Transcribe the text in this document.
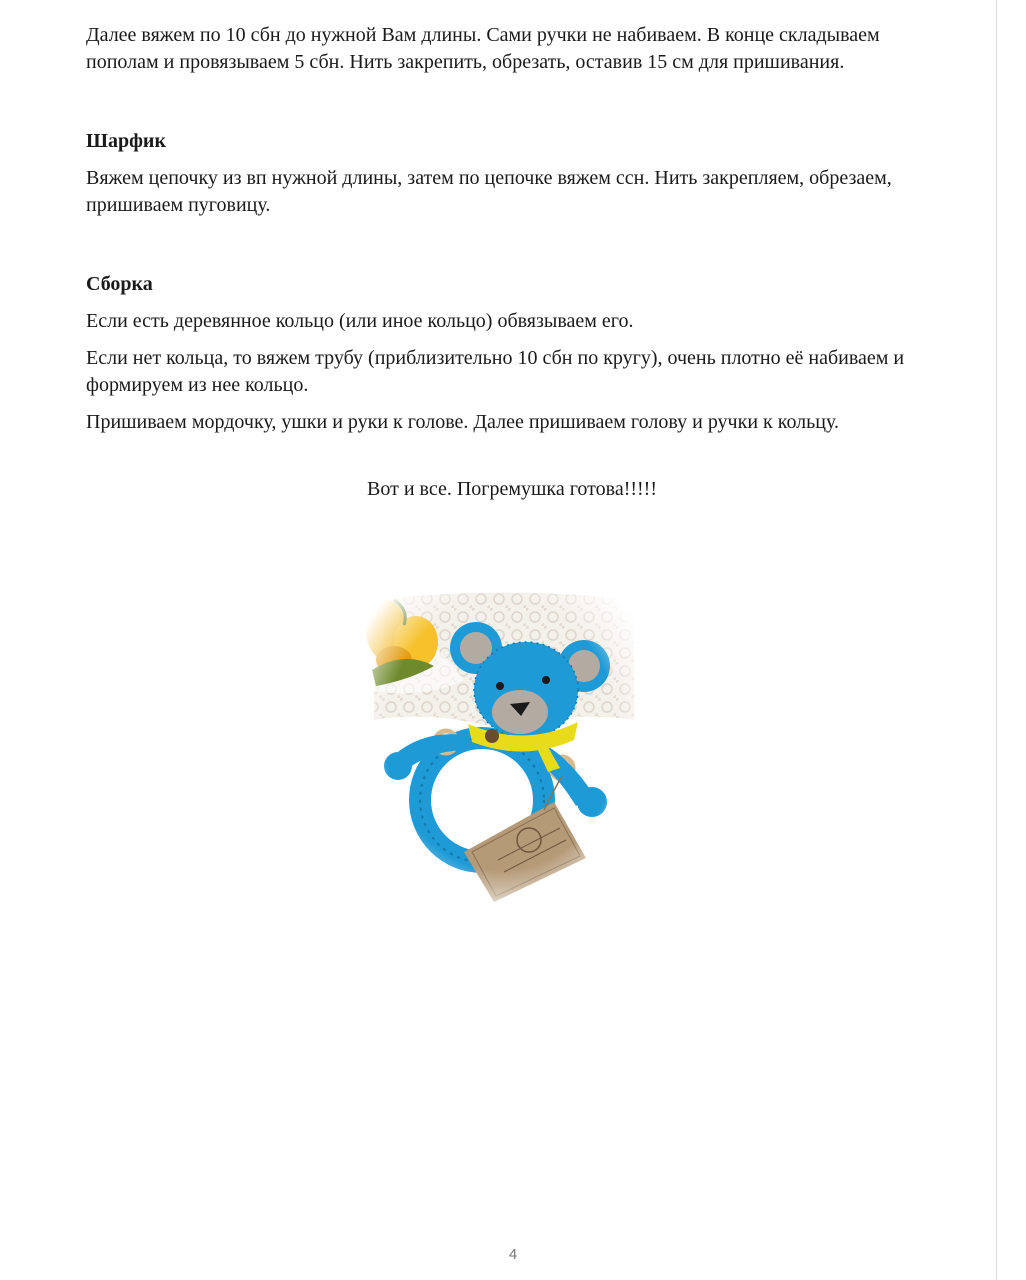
Далее вяжем по 10 сбн до нужной Вам длины. Сами ручки не набиваем. В конце складываем пополам и провязываем 5 сбн. Нить закрепить, обрезать, оставив 15 см для пришивания.

Шарфик

Вяжем цепочку из вп нужной длины, затем по цепочке вяжем ссн. Нить закрепляем, обрезаем, пришиваем пуговицу.

Сборка

Если есть деревянное кольцо (или иное кольцо) обвязываем его.

Если нет кольца, то вяжем трубу (приблизительно 10 сбн по кругу), очень плотно её набиваем и формируем из нее кольцо.

Пришиваем мордочку, ушки и руки к голове. Далее пришиваем голову и ручки к кольцу.

Вот и все. Погремушка готова!!!!!
4
